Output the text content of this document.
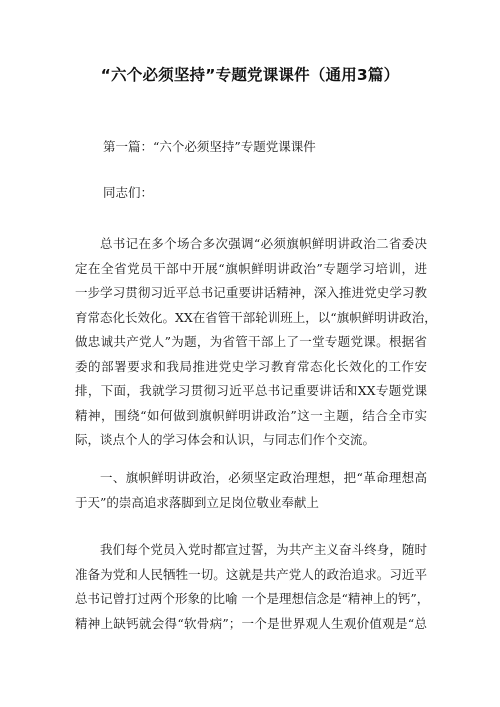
“六个必须坚持”专题党课课件（通用3篇）
第一篇：“六个必须坚持”专题党课课件
同志们：
总书记在多个场合多次强调“必须旗帜鲜明讲政治二省委决
定在全省党员干部中开展“旗帜鲜明讲政治”专题学习培训，进
一步学习贯彻习近平总书记重要讲话精神，深入推进党史学习教
育常态化长效化。XX在省管干部轮训班上，以“旗帜鲜明讲政治，
做忠诚共产党人”为题，为省管干部上了一堂专题党课。根据省
委的部署要求和我局推进党史学习教育常态化长效化的工作安
排，下面，我就学习贯彻习近平总书记重要讲话和XX专题党课
精神，围绕“如何做到旗帜鲜明讲政治”这一主题，结合全市实
际，谈点个人的学习体会和认识，与同志们作个交流。
一、旗帜鲜明讲政治，必须坚定政治理想，把“革命理想高
于天”的崇高追求落脚到立足岗位敬业奉献上
我们每个党员入党时都宣过誓，为共产主义奋斗终身，随时
准备为党和人民牺牲一切。这就是共产党人的政治追求。习近平
总书记曾打过两个形象的比喻 一个是理想信念是“精神上的钙”，
精神上缺钙就会得“软骨病”；一个是世界观人生观价值观是“总
